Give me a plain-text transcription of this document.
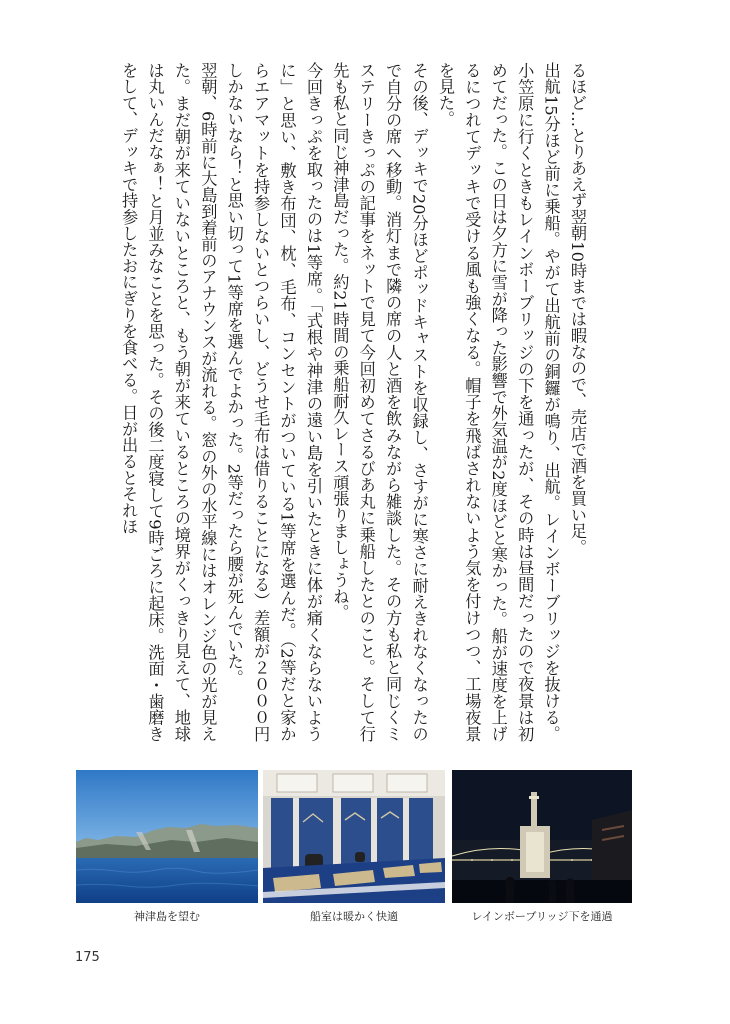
るほど…とりあえず翌朝10時までは暇なので、売店で酒を買い足。

出航15分ほど前に乗船。やがて出航前の銅鑼が鳴り、出航。レインボーブリッジを抜ける。小笠原に行くときもレインボーブリッジの下を通ったが、その時は昼間だったので夜景は初めてだった。この日は夕方に雪が降った影響で外気温が2度ほどと寒かった。船が速度を上げるにつれてデッキで受ける風も強くなる。帽子を飛ばされないよう気を付けつつ、工場夜景を見た。

その後、デッキで20分ほどポッドキャストを収録し、さすがに寒さに耐えきれなくなったので自分の席へ移動。消灯まで隣の席の人と酒を飲みながら雑談した。その方も私と同じくミステリーきっぷの記事をネットで見て今回初めてさるびあ丸に乗船したとのこと。そして行先も私と同じ神津島だった。約21時間の乗船耐久レース頑張りましょうね。

今回きっぷを取ったのは1等席。「式根や神津の遠い島を引いたときに体が痛くならないように」と思い、敷き布団、枕、毛布、コンセントがついている1等席を選んだ。（2等だと家からエアマットを持参しないとつらいし、どうせ毛布は借りることになる）差額が２０００円しかないなら！と思い切って1等席を選んでよかった。2等だったら腰が死んでいた。

翌朝、6時前に大島到着前のアナウンスが流れる。窓の外の水平線にはオレンジ色の光が見えた。まだ朝が来ていないところと、もう朝が来ているところの境界がくっきり見えて、地球は丸いんだなぁ！と月並みなことを思った。その後二度寝して9時ごろに起床。洗面・歯磨きをして、デッキで持参したおにぎりを食べる。日が出るとそれほ

神津島を望む	船室は暖かく快適	レインボーブリッジ下を通過
175
